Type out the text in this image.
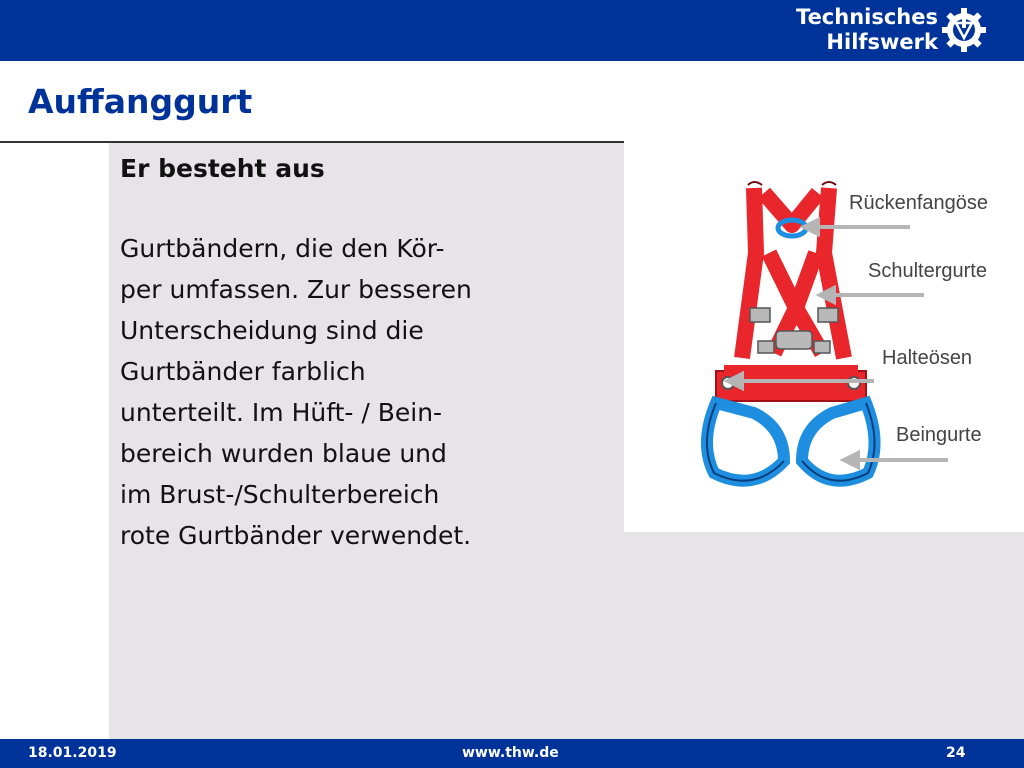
Technisches
Hilfswerk
Auffanggurt

Er besteht aus

Gurtbändern, die den Kör-
per umfassen. Zur besseren
Unterscheidung sind die
Gurtbänder farblich
unterteilt. Im Hüft- / Bein-
bereich wurden blaue und
im Brust-/Schulterbereich
rote Gurtbänder verwendet.

Rückenfangöse
Schultergurte
Halteösen
Beingurte
18.01.2019	www.thw.de	24
